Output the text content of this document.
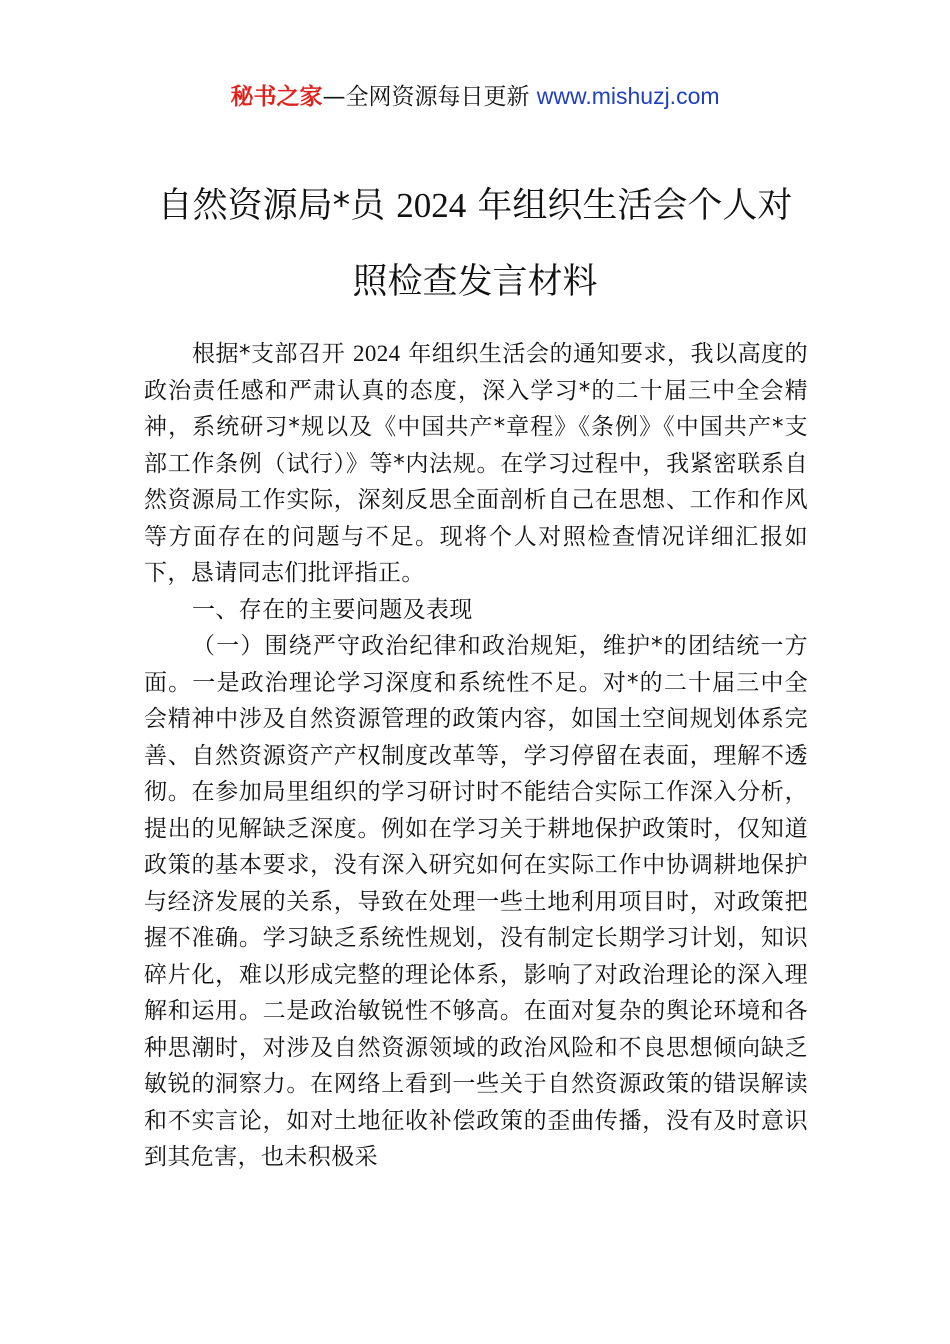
秘书之家—全网资源每日更新 www.mishuzj.com
自然资源局*员 2024 年组织生活会个人对
照检查发言材料

根据*支部召开 2024 年组织生活会的通知要求，我以高度的政治责任感和严肃认真的态度，深入学习*的二十届三中全会精神，系统研习*规以及《中国共产*章程》《条例》《中国共产*支部工作条例（试行）》等*内法规。在学习过程中，我紧密联系自然资源局工作实际，深刻反思全面剖析自己在思想、工作和作风等方面存在的问题与不足。现将个人对照检查情况详细汇报如下，恳请同志们批评指正。

一、存在的主要问题及表现

（一）围绕严守政治纪律和政治规矩，维护*的团结统一方面。一是政治理论学习深度和系统性不足。对*的二十届三中全会精神中涉及自然资源管理的政策内容，如国土空间规划体系完善、自然资源资产产权制度改革等，学习停留在表面，理解不透彻。在参加局里组织的学习研讨时不能结合实际工作深入分析，提出的见解缺乏深度。例如在学习关于耕地保护政策时，仅知道政策的基本要求，没有深入研究如何在实际工作中协调耕地保护与经济发展的关系，导致在处理一些土地利用项目时，对政策把握不准确。学习缺乏系统性规划，没有制定长期学习计划，知识碎片化，难以形成完整的理论体系，影响了对政治理论的深入理解和运用。二是政治敏锐性不够高。在面对复杂的舆论环境和各种思潮时，对涉及自然资源领域的政治风险和不良思想倾向缺乏敏锐的洞察力。在网络上看到一些关于自然资源政策的错误解读和不实言论，如对土地征收补偿政策的歪曲传播，没有及时意识到其危害，也未积极采
